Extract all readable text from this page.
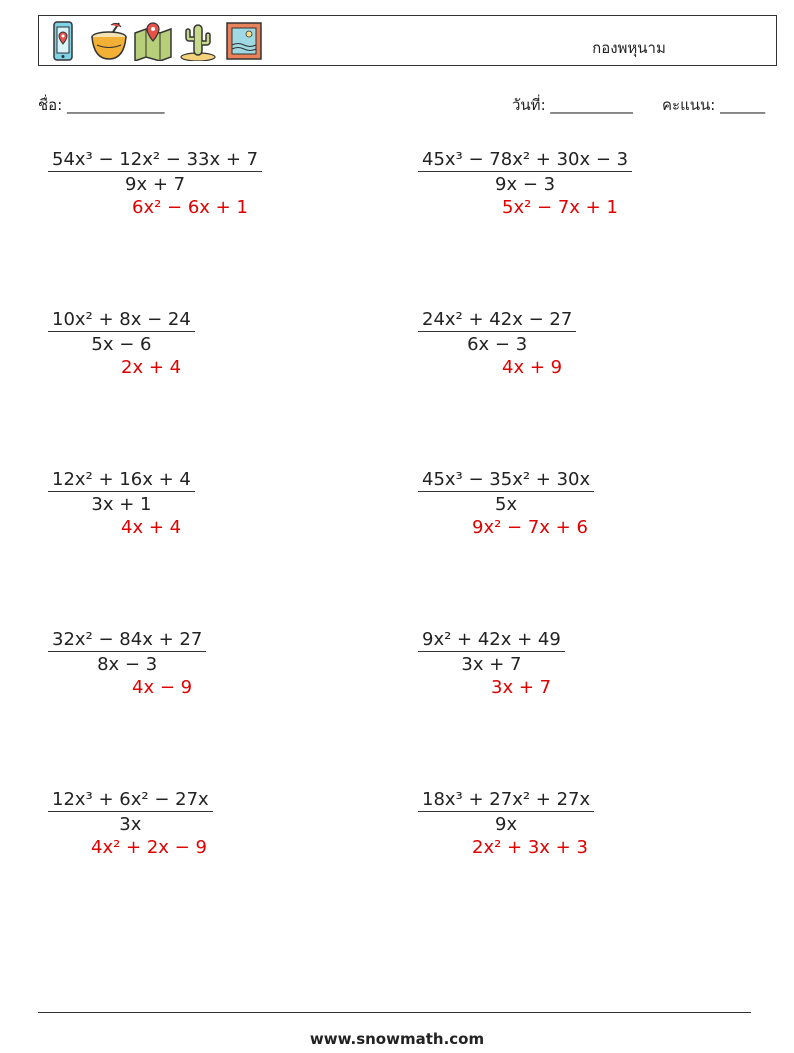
กองพหุนาม
ชื่อ: _____________	วันที่: ___________ คะแนน: ______
$\frac{\text{54x³ − 12x² − 33x + 7}}{9x + 7}$
6x² − 6x + 1
$\frac{\text{45x³ − 78x² + 30x − 3}}{9x - 3}$
5x² − 7x + 1
$\frac{\text{10x² + 8x − 24}}{5x - 6}$
2x + 4
$\frac{\text{24x² + 42x − 27}}{6x - 3}$
4x + 9
$\frac{\text{12x² + 16x + 4}}{3x + 1}$
4x + 4
$\frac{\text{45x³ − 35x² + 30x}}{5x}$
9x² − 7x + 6
$\frac{\text{32x² − 84x + 27}}{8x - 3}$
4x − 9
$\frac{\text{9x² + 42x + 49}}{3x + 7}$
3x + 7
$\frac{\text{12x³ + 6x² − 27x}}{3x}$
4x² + 2x − 9
$\frac{\text{18x³ + 27x² + 27x}}{9x}$
2x² + 3x + 3
www.snowmath.com
